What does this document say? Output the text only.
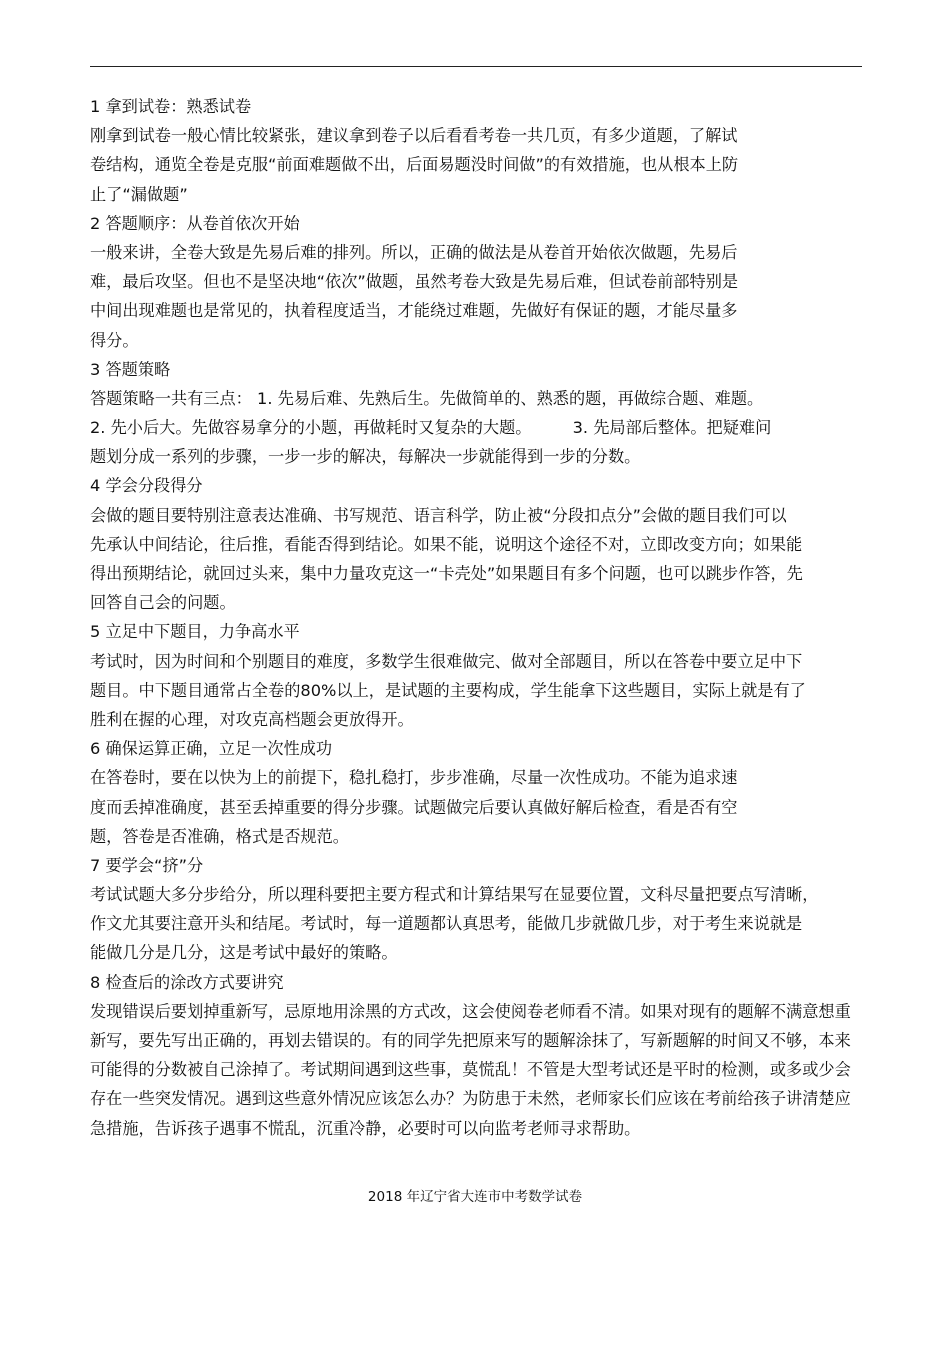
1 拿到试卷：熟悉试卷
刚拿到试卷一般心情比较紧张，建议拿到卷子以后看看考卷一共几页，有多少道题，了解试
卷结构，通览全卷是克服“前面难题做不出，后面易题没时间做”的有效措施，也从根本上防
止了“漏做题”
2 答题顺序：从卷首依次开始
一般来讲，全卷大致是先易后难的排列。所以，正确的做法是从卷首开始依次做题，先易后
难，最后攻坚。但也不是坚决地“依次”做题，虽然考卷大致是先易后难，但试卷前部特别是
中间出现难题也是常见的，执着程度适当，才能绕过难题，先做好有保证的题，才能尽量多
得分。
3 答题策略
答题策略一共有三点： 1. 先易后难、先熟后生。先做简单的、熟悉的题，再做综合题、难题。
2. 先小后大。先做容易拿分的小题，再做耗时又复杂的大题。        3. 先局部后整体。把疑难问
题划分成一系列的步骤，一步一步的解决，每解决一步就能得到一步的分数。
4 学会分段得分
会做的题目要特别注意表达准确、书写规范、语言科学，防止被“分段扣点分”会做的题目我们可以
先承认中间结论，往后推，看能否得到结论。如果不能，说明这个途径不对，立即改变方向；如果能
得出预期结论，就回过头来，集中力量攻克这一“卡壳处”如果题目有多个问题，也可以跳步作答，先
回答自己会的问题。
5 立足中下题目，力争高水平
考试时，因为时间和个别题目的难度，多数学生很难做完、做对全部题目，所以在答卷中要立足中下
题目。中下题目通常占全卷的80%以上，是试题的主要构成，学生能拿下这些题目，实际上就是有了
胜利在握的心理，对攻克高档题会更放得开。
6 确保运算正确，立足一次性成功
在答卷时，要在以快为上的前提下，稳扎稳打，步步准确，尽量一次性成功。不能为追求速
度而丢掉准确度，甚至丢掉重要的得分步骤。试题做完后要认真做好解后检查，看是否有空
题，答卷是否准确，格式是否规范。
7 要学会“挤”分
考试试题大多分步给分，所以理科要把主要方程式和计算结果写在显要位置，文科尽量把要点写清晰，
作文尤其要注意开头和结尾。考试时，每一道题都认真思考，能做几步就做几步，对于考生来说就是
能做几分是几分，这是考试中最好的策略。
8 检查后的涂改方式要讲究
发现错误后要划掉重新写，忌原地用涂黑的方式改，这会使阅卷老师看不清。如果对现有的题解不满意想重
新写，要先写出正确的，再划去错误的。有的同学先把原来写的题解涂抹了，写新题解的时间又不够，本来
可能得的分数被自己涂掉了。考试期间遇到这些事，莫慌乱！不管是大型考试还是平时的检测，或多或少会
存在一些突发情况。遇到这些意外情况应该怎么办？为防患于未然，老师家长们应该在考前给孩子讲清楚应
急措施，告诉孩子遇事不慌乱，沉重冷静，必要时可以向监考老师寻求帮助。
2018 年辽宁省大连市中考数学试卷
